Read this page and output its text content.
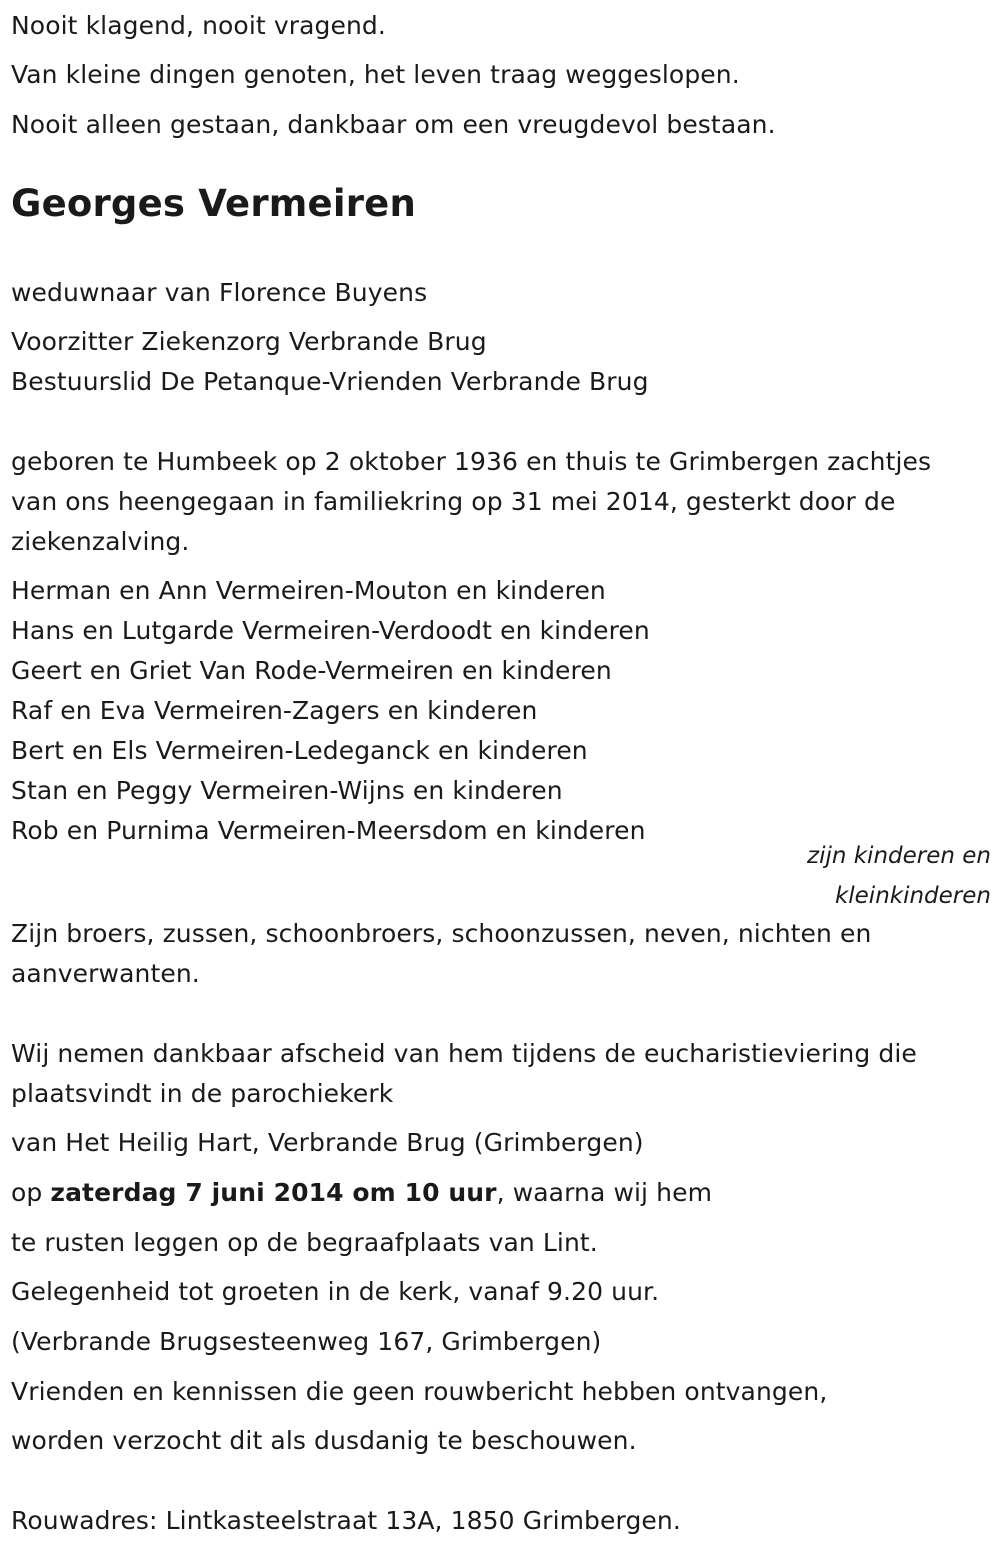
Nooit klagend, nooit vragend.
Van kleine dingen genoten, het leven traag weggeslopen.
Nooit alleen gestaan, dankbaar om een vreugdevol bestaan.
Georges Vermeiren
weduwnaar van Florence Buyens
Voorzitter Ziekenzorg Verbrande Brug
Bestuurslid De Petanque-Vrienden Verbrande Brug
geboren te Humbeek op 2 oktober 1936 en thuis te Grimbergen zachtjes
van ons heengegaan in familiekring op 31 mei 2014, gesterkt door de
ziekenzalving.
Herman en Ann Vermeiren-Mouton en kinderen
Hans en Lutgarde Vermeiren-Verdoodt en kinderen
Geert en Griet Van Rode-Vermeiren en kinderen
Raf en Eva Vermeiren-Zagers en kinderen
Bert en Els Vermeiren-Ledeganck en kinderen
Stan en Peggy Vermeiren-Wijns en kinderen
Rob en Purnima Vermeiren-Meersdom en kinderen
zijn kinderen en
kleinkinderen
Zijn broers, zussen, schoonbroers, schoonzussen, neven, nichten en
aanverwanten.
Wij nemen dankbaar afscheid van hem tijdens de eucharistieviering die
plaatsvindt in de parochiekerk
van Het Heilig Hart, Verbrande Brug (Grimbergen)
op zaterdag 7 juni 2014 om 10 uur, waarna wij hem
te rusten leggen op de begraafplaats van Lint.
Gelegenheid tot groeten in de kerk, vanaf 9.20 uur.
(Verbrande Brugsesteenweg 167, Grimbergen)
Vrienden en kennissen die geen rouwbericht hebben ontvangen,
worden verzocht dit als dusdanig te beschouwen.
Rouwadres: Lintkasteelstraat 13A, 1850 Grimbergen.
